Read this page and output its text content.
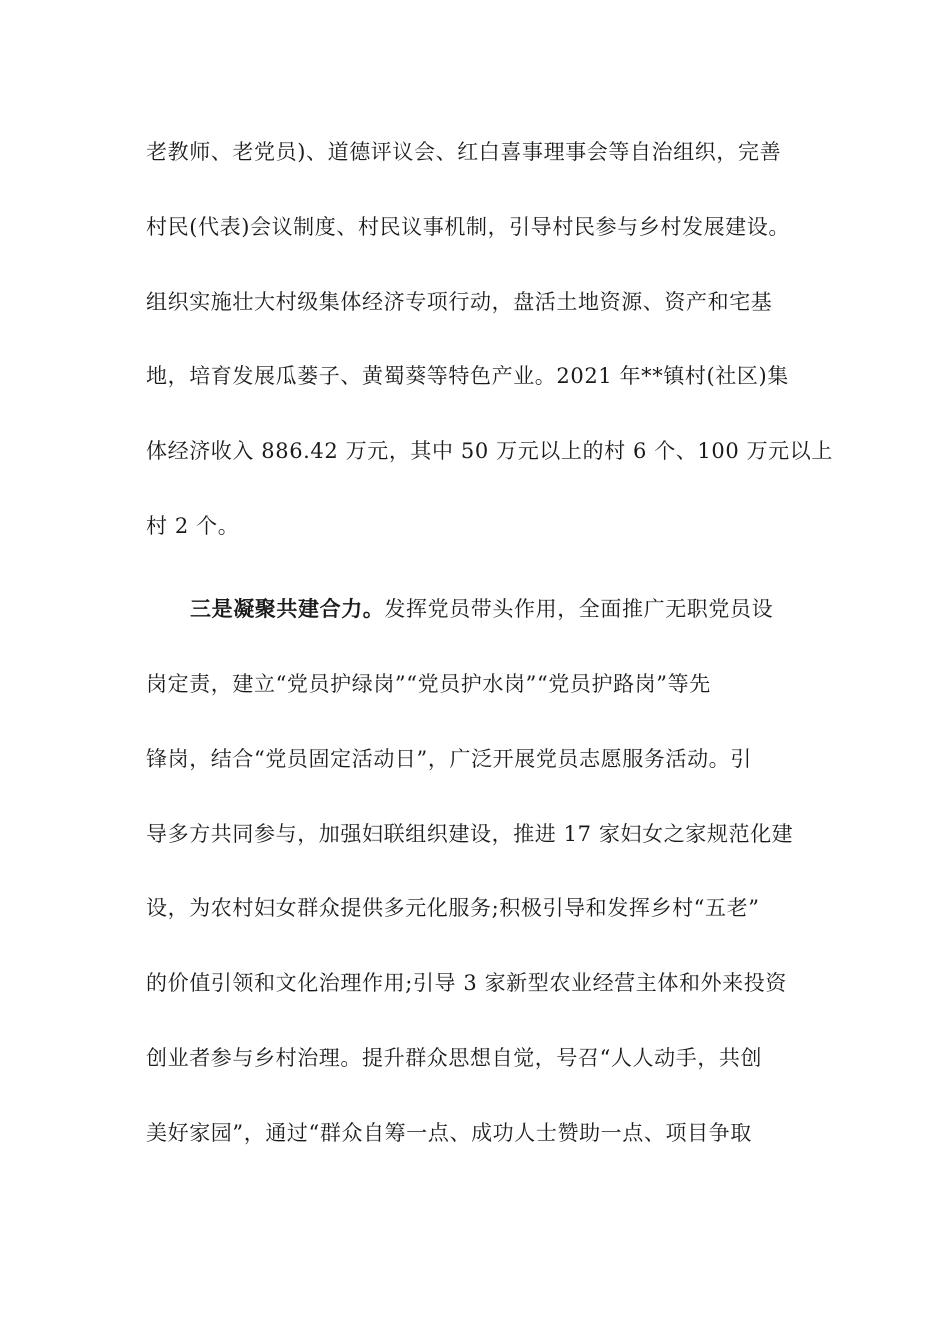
老教师、老党员)、道德评议会、红白喜事理事会等自治组织，完善
村民(代表)会议制度、村民议事机制，引导村民参与乡村发展建设。
组织实施壮大村级集体经济专项行动，盘活土地资源、资产和宅基
地，培育发展瓜蒌子、黄蜀葵等特色产业。2021 年**镇村(社区)集
体经济收入 886.42 万元，其中 50 万元以上的村 6 个、100 万元以上
村 2 个。
三是凝聚共建合力。发挥党员带头作用，全面推广无职党员设
岗定责，建立“党员护绿岗”“党员护水岗”“党员护路岗”等先
锋岗，结合“党员固定活动日”，广泛开展党员志愿服务活动。引
导多方共同参与，加强妇联组织建设，推进 17 家妇女之家规范化建
设，为农村妇女群众提供多元化服务;积极引导和发挥乡村“五老”
的价值引领和文化治理作用;引导 3 家新型农业经营主体和外来投资
创业者参与乡村治理。提升群众思想自觉，号召“人人动手，共创
美好家园”，通过“群众自筹一点、成功人士赞助一点、项目争取
